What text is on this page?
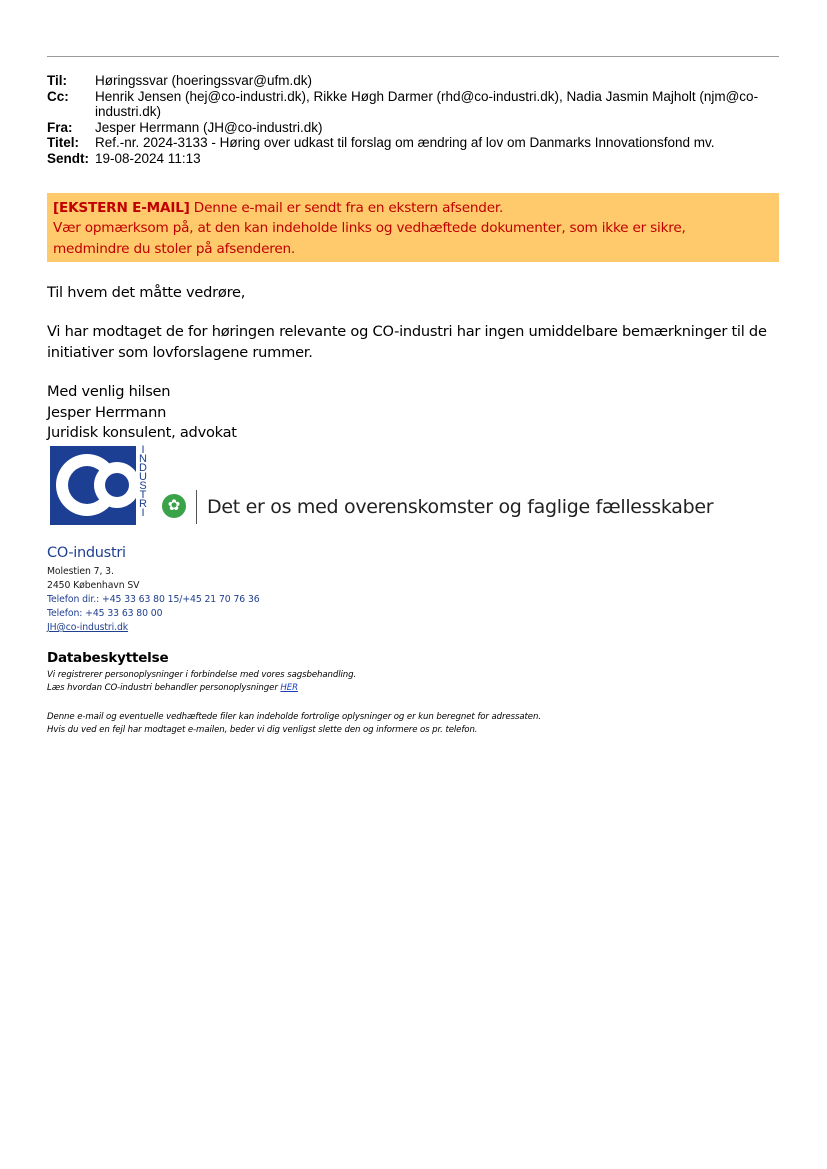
Til:	Høringssvar (hoeringssvar@ufm.dk)
Cc:	Henrik Jensen (hej@co-industri.dk), Rikke Høgh Darmer (rhd@co-industri.dk), Nadia Jasmin Majholt (njm@co-industri.dk)
Fra:	Jesper Herrmann (JH@co-industri.dk)
Titel:	Ref.-nr. 2024-3133 - Høring over udkast til forslag om ændring af lov om Danmarks Innovationsfond mv.
Sendt:	19-08-2024 11:13
[EKSTERN E-MAIL] Denne e-mail er sendt fra en ekstern afsender.
Vær opmærksom på, at den kan indeholde links og vedhæftede dokumenter, som ikke er sikre,
medmindre du stoler på afsenderen.
Til hvem det måtte vedrøre,
Vi har modtaget de for høringen relevante og CO-industri har ingen umiddelbare bemærkninger til de
initiativer som lovforslagene rummer.
Med venlig hilsen
Jesper Herrmann
Juridisk konsulent, advokat
I
N
D
U
S
T
R
I	✿	Det er os med overenskomster og faglige fællesskaber
CO-industri
Molestien 7, 3.
2450 København SV
Telefon dir.: +45 33 63 80 15/+45 21 70 76 36
Telefon: +45 33 63 80 00
JH@co-industri.dk
Databeskyttelse
Vi registrerer personoplysninger i forbindelse med vores sagsbehandling.
Læs hvordan CO-industri behandler personoplysninger HER
Denne e-mail og eventuelle vedhæftede filer kan indeholde fortrolige oplysninger og er kun beregnet for adressaten.
Hvis du ved en fejl har modtaget e-mailen, beder vi dig venligst slette den og informere os pr. telefon.
